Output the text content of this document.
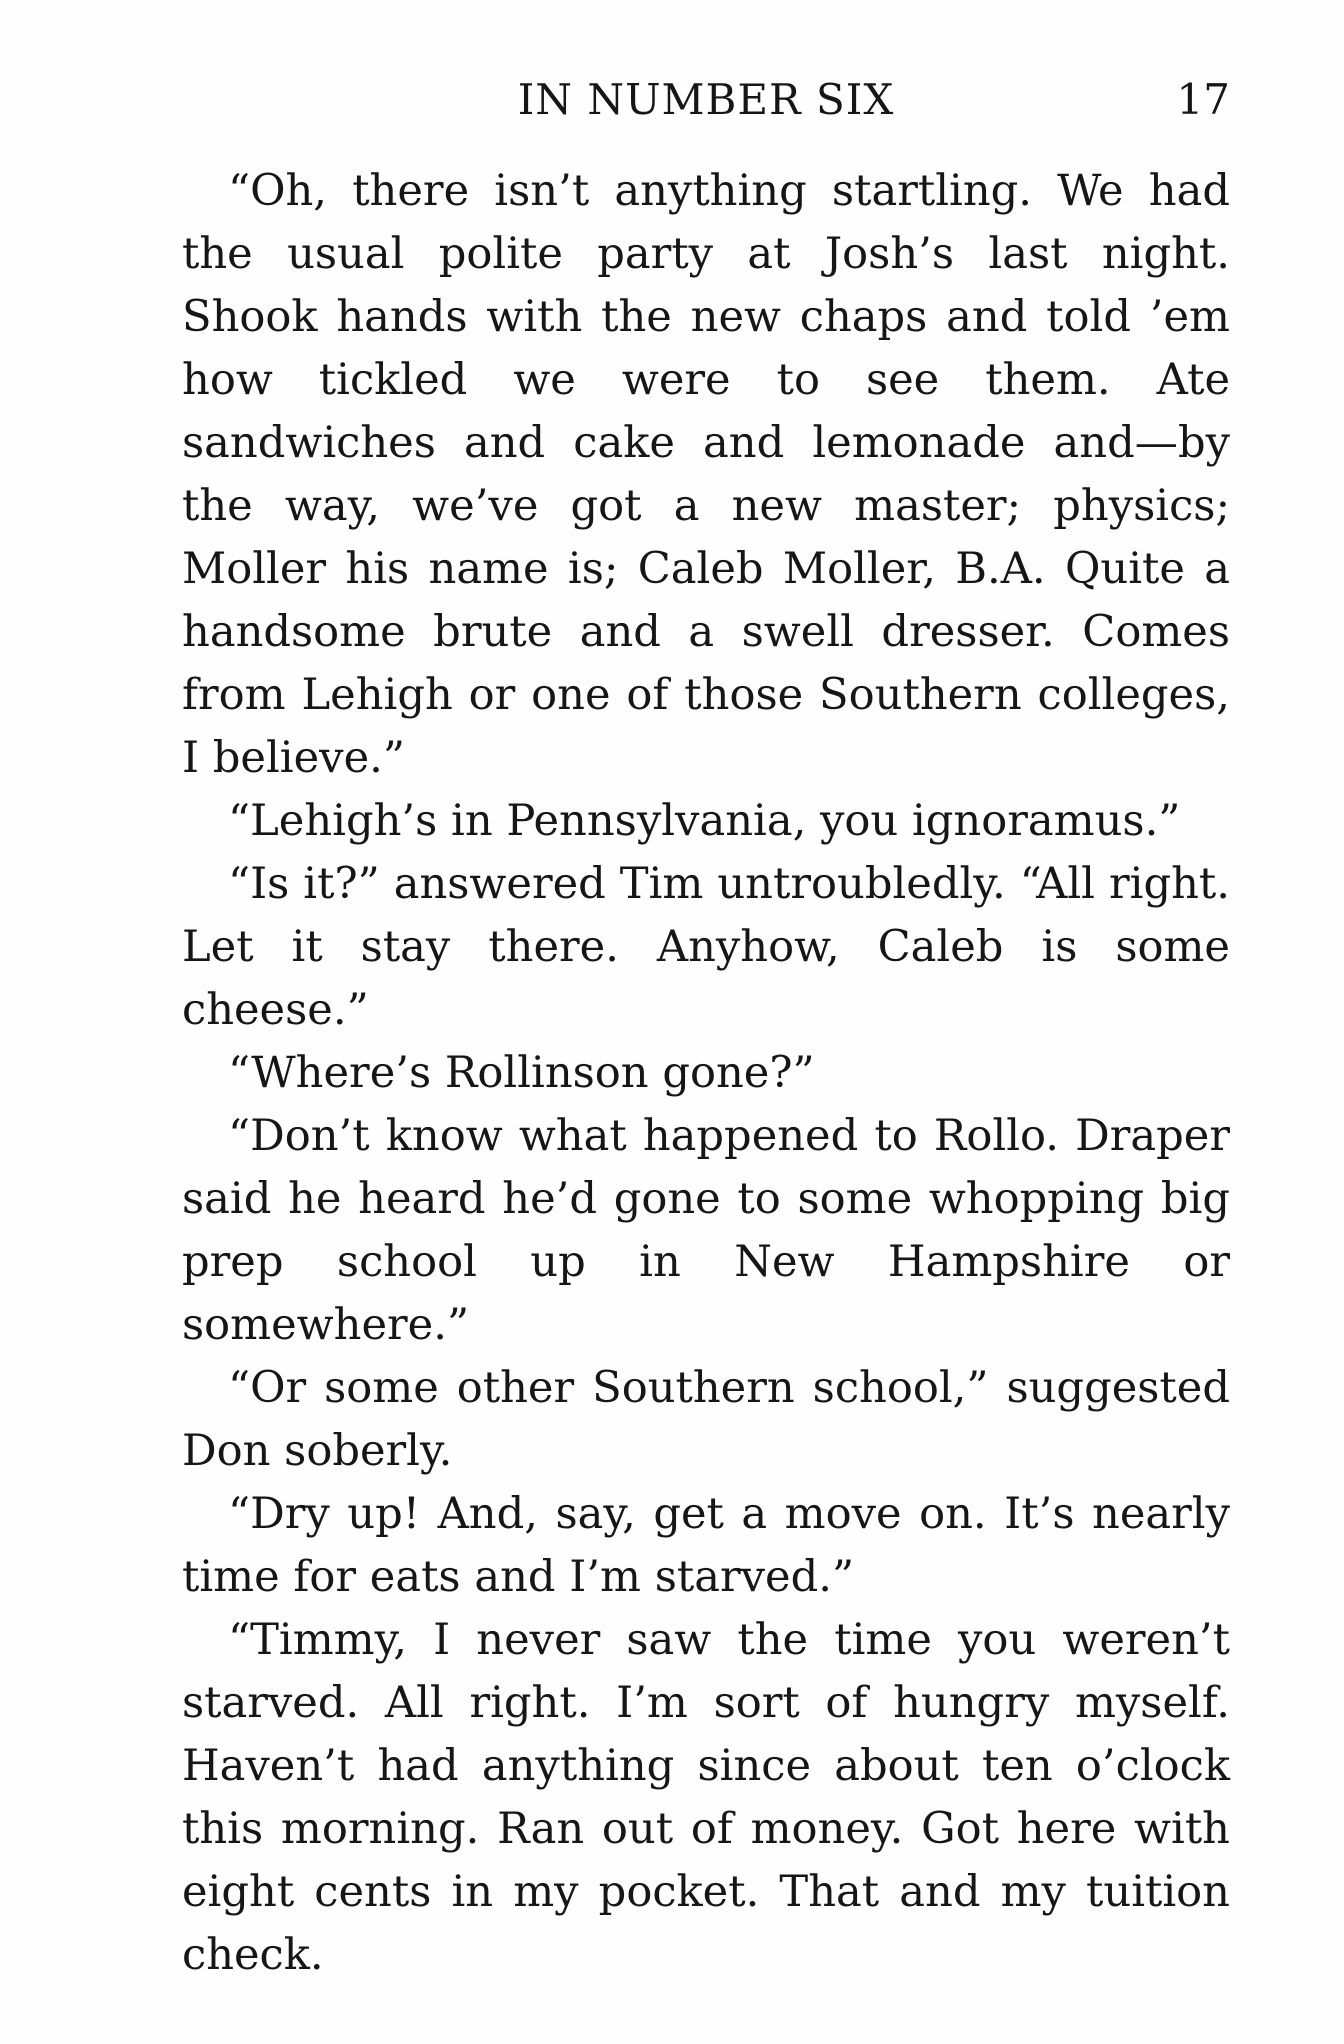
IN NUMBER SIX	17

“Oh, there isn’t anything startling. We had the usual polite party at Josh’s last night. Shook hands with the new chaps and told ’em how tickled we were to see them. Ate sandwiches and cake and lemonade and—by the way, we’ve got a new master; physics; Moller his name is; Caleb Moller, B.A. Quite a handsome brute and a swell dresser. Comes from Lehigh or one of those Southern colleges, I believe.”

“Lehigh’s in Pennsylvania, you ignoramus.”

“Is it?” answered Tim untroubledly. “All right. Let it stay there. Anyhow, Caleb is some cheese.”

“Where’s Rollinson gone?”

“Don’t know what happened to Rollo. Draper said he heard he’d gone to some whopping big prep school up in New Hampshire or somewhere.”

“Or some other Southern school,” suggested Don soberly.

“Dry up! And, say, get a move on. It’s nearly time for eats and I’m starved.”

“Timmy, I never saw the time you weren’t starved. All right. I’m sort of hungry myself. Haven’t had anything since about ten o’clock this morning. Ran out of money. Got here with eight cents in my pocket. That and my tuition check.
